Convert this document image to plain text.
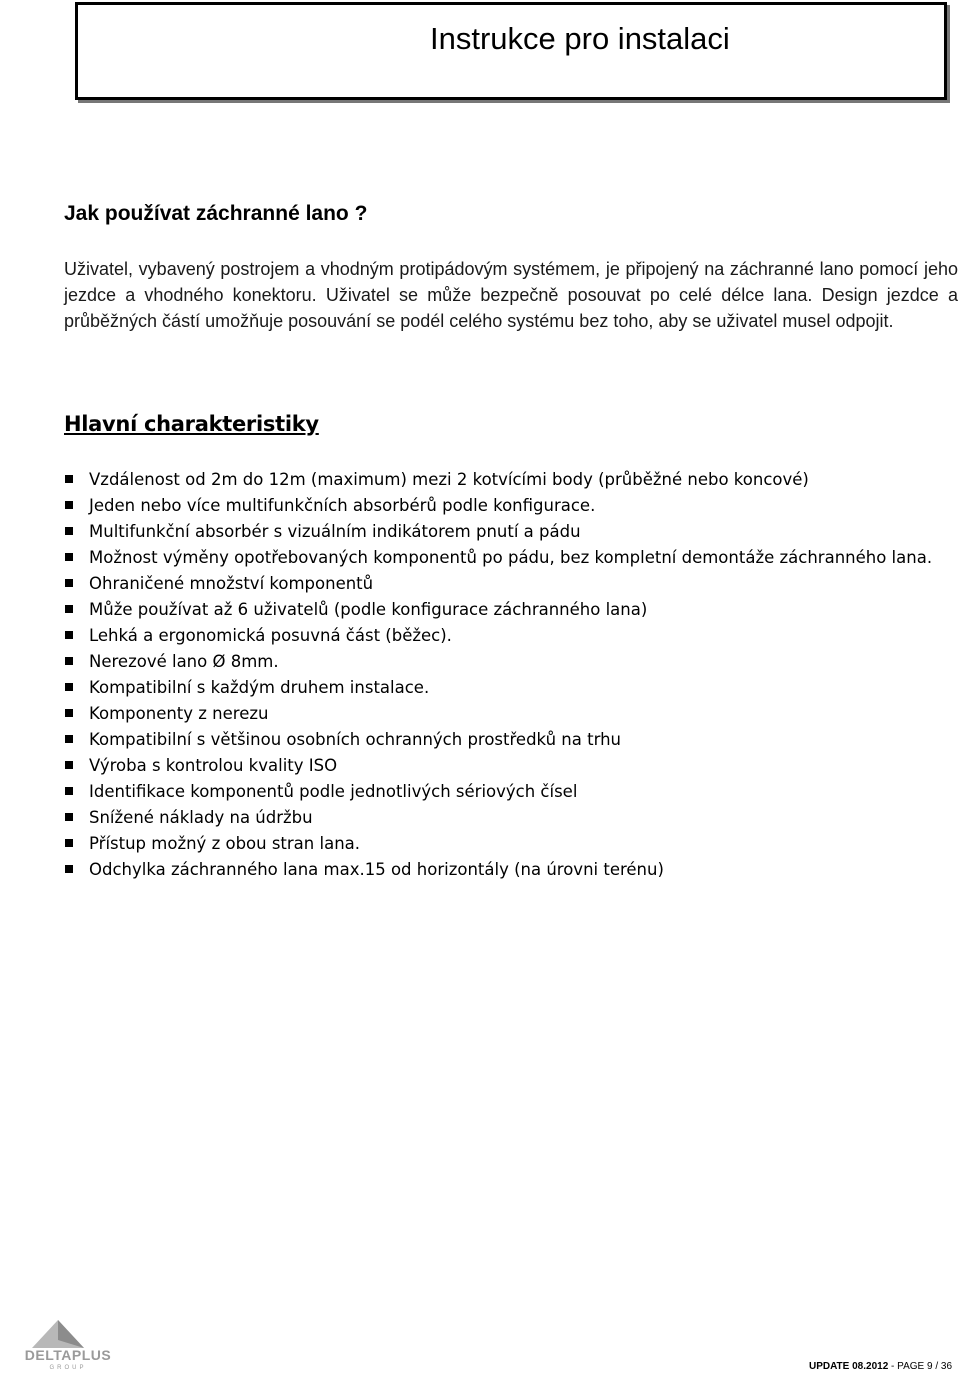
Instrukce pro instalaci
Jak používat záchranné lano ?

Uživatel, vybavený postrojem a vhodným protipádovým systémem, je připojený na záchranné lano pomocí jeho jezdce a vhodného konektoru. Uživatel se může bezpečně posouvat po celé délce lana. Design jezdce a průběžných částí umožňuje posouvání se podél celého systému bez toho, aby se uživatel musel odpojit.

Hlavní charakteristiky
Vzdálenost od 2m do 12m (maximum) mezi 2 kotvícími body (průběžné nebo koncové)
Jeden nebo více multifunkčních absorbérů podle konfigurace.
Multifunkční absorbér s vizuálním indikátorem pnutí a pádu
Možnost výměny opotřebovaných komponentů po pádu, bez kompletní demontáže záchranného lana.
Ohraničené množství komponentů
Může používat až 6 uživatelů (podle konfigurace záchranného lana)
Lehká a ergonomická posuvná část (běžec).
Nerezové lano Ø 8mm.
Kompatibilní s každým druhem instalace.
Komponenty z nerezu
Kompatibilní s většinou osobních ochranných prostředků na trhu
Výroba s kontrolou kvality ISO
Identifikace komponentů podle jednotlivých sériových čísel
Snížené náklady na údržbu
Přístup možný z obou stran lana.
Odchylka záchranného lana max.15 od horizontály (na úrovni terénu)
DELTAPLUS
GROUP	UPDATE 08.2012 - PAGE 9 / 36
